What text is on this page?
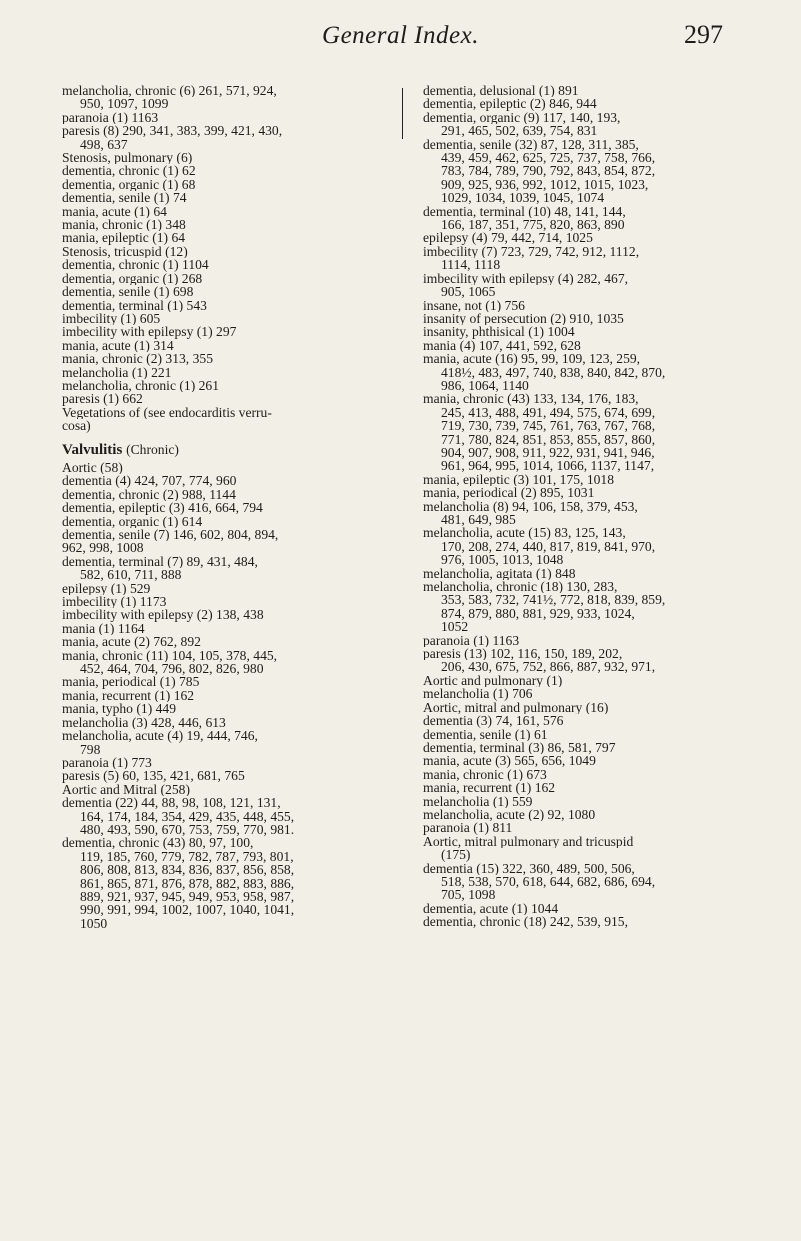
General Index.	297
melancholia, chronic (6) 261, 571, 924,
950, 1097, 1099
paranoia (1) 1163
paresis (8) 290, 341, 383, 399, 421, 430,
498, 637
Stenosis, pulmonary (6)
dementia, chronic (1) 62
dementia, organic (1) 68
dementia, senile (1) 74
mania, acute (1) 64
mania, chronic (1) 348
mania, epileptic (1) 64
Stenosis, tricuspid (12)
dementia, chronic (1) 1104
dementia, organic (1) 268
dementia, senile (1) 698
dementia, terminal (1) 543
imbecility (1) 605
imbecility with epilepsy (1) 297
mania, acute (1) 314
mania, chronic (2) 313, 355
melancholia (1) 221
melancholia, chronic (1) 261
paresis (1) 662
Vegetations of (see endocarditis verru-
cosa)
Valvulitis (Chronic)
Aortic (58)
dementia (4) 424, 707, 774, 960
dementia, chronic (2) 988, 1144
dementia, epileptic (3) 416, 664, 794
dementia, organic (1) 614
dementia, senile (7) 146, 602, 804, 894,
962, 998, 1008
dementia, terminal (7) 89, 431, 484,
582, 610, 711, 888
epilepsy (1) 529
imbecility (1) 1173
imbecility with epilepsy (2) 138, 438
mania (1) 1164
mania, acute (2) 762, 892
mania, chronic (11) 104, 105, 378, 445,
452, 464, 704, 796, 802, 826, 980
mania, periodical (1) 785
mania, recurrent (1) 162
mania, typho (1) 449
melancholia (3) 428, 446, 613
melancholia, acute (4) 19, 444, 746,
798
paranoia (1) 773
paresis (5) 60, 135, 421, 681, 765
Aortic and Mitral (258)
dementia (22) 44, 88, 98, 108, 121, 131,
164, 174, 184, 354, 429, 435, 448, 455,
480, 493, 590, 670, 753, 759, 770, 981.
dementia, chronic (43) 80, 97, 100,
119, 185, 760, 779, 782, 787, 793, 801,
806, 808, 813, 834, 836, 837, 856, 858,
861, 865, 871, 876, 878, 882, 883, 886,
889, 921, 937, 945, 949, 953, 958, 987,
990, 991, 994, 1002, 1007, 1040, 1041,
1050
dementia, delusional (1) 891
dementia, epileptic (2) 846, 944
dementia, organic (9) 117, 140, 193,
291, 465, 502, 639, 754, 831
dementia, senile (32) 87, 128, 311, 385,
439, 459, 462, 625, 725, 737, 758, 766,
783, 784, 789, 790, 792, 843, 854, 872,
909, 925, 936, 992, 1012, 1015, 1023,
1029, 1034, 1039, 1045, 1074
dementia, terminal (10) 48, 141, 144,
166, 187, 351, 775, 820, 863, 890
epilepsy (4) 79, 442, 714, 1025
imbecility (7) 723, 729, 742, 912, 1112,
1114, 1118
imbecility with epilepsy (4) 282, 467,
905, 1065
insane, not (1) 756
insanity of persecution (2) 910, 1035
insanity, phthisical (1) 1004
mania (4) 107, 441, 592, 628
mania, acute (16) 95, 99, 109, 123, 259,
418½, 483, 497, 740, 838, 840, 842, 870,
986, 1064, 1140
mania, chronic (43) 133, 134, 176, 183,
245, 413, 488, 491, 494, 575, 674, 699,
719, 730, 739, 745, 761, 763, 767, 768,
771, 780, 824, 851, 853, 855, 857, 860,
904, 907, 908, 911, 922, 931, 941, 946,
961, 964, 995, 1014, 1066, 1137, 1147,
mania, epileptic (3) 101, 175, 1018
mania, periodical (2) 895, 1031
melancholia (8) 94, 106, 158, 379, 453,
481, 649, 985
melancholia, acute (15) 83, 125, 143,
170, 208, 274, 440, 817, 819, 841, 970,
976, 1005, 1013, 1048
melancholia, agitata (1) 848
melancholia, chronic (18) 130, 283,
353, 583, 732, 741½, 772, 818, 839, 859,
874, 879, 880, 881, 929, 933, 1024,
1052
paranoia (1) 1163
paresis (13) 102, 116, 150, 189, 202,
206, 430, 675, 752, 866, 887, 932, 971,
Aortic and pulmonary (1)
melancholia (1) 706
Aortic, mitral and pulmonary (16)
dementia (3) 74, 161, 576
dementia, senile (1) 61
dementia, terminal (3) 86, 581, 797
mania, acute (3) 565, 656, 1049
mania, chronic (1) 673
mania, recurrent (1) 162
melancholia (1) 559
melancholia, acute (2) 92, 1080
paranoia (1) 811
Aortic, mitral pulmonary and tricuspid
(175)
dementia (15) 322, 360, 489, 500, 506,
518, 538, 570, 618, 644, 682, 686, 694,
705, 1098
dementia, acute (1) 1044
dementia, chronic (18) 242, 539, 915,
